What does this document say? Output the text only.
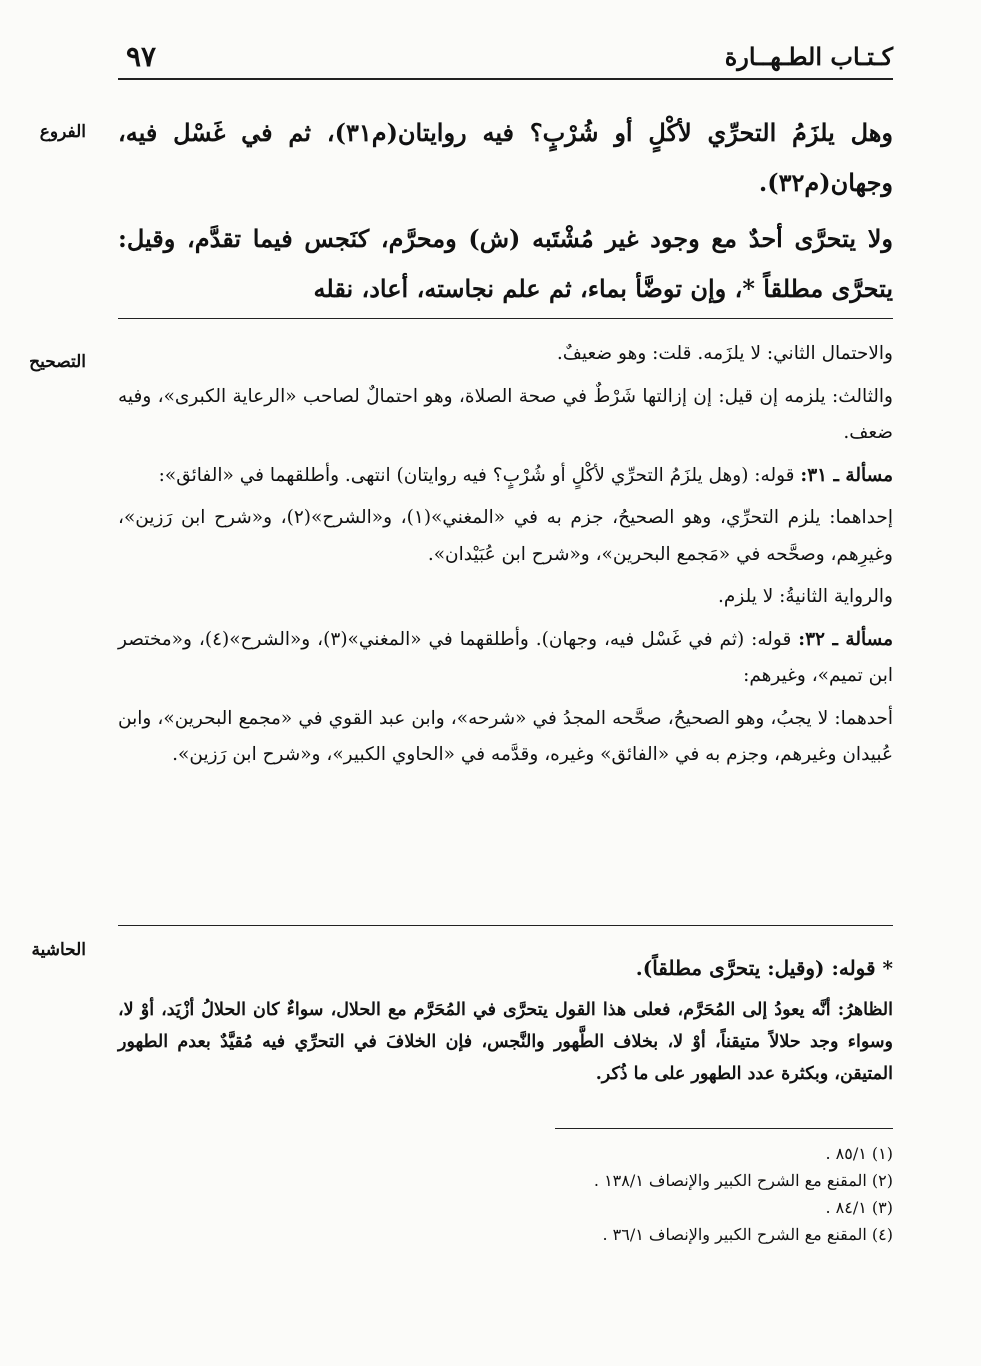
٩٧	كـتـاب الطـهــارة
الفروع
التصحيح
الحاشية

وهل يلزَمُ التحرِّي لأكْلٍ أو شُرْبٍ؟ فيه روايتان(م٣١)، ثم في غَسْل فيه، وجهان(م٣٢).

ولا يتحرَّى أحدٌ مع وجود غير مُشْتَبه (ش) ومحرَّم، كنَجس فيما تقدَّم، وقيل: يتحرَّى مطلقاً *، وإن توضَّأ بماء، ثم علم نجاسته، أعاد، نقله

والاحتمال الثاني: لا يلزَمه. قلت: وهو ضعيفٌ.

والثالث: يلزمه إن قيل: إن إزالتها شَرْطٌ في صحة الصلاة، وهو احتمالٌ لصاحب «الرعاية الكبرى»، وفيه ضعف.

مسألة ـ ٣١: قوله: (وهل يلزَمُ التحرِّي لأكْلٍ أو شُرْبٍ؟ فيه روايتان) انتهى. وأطلقهما في «الفائق»:

إحداهما: يلزم التحرِّي، وهو الصحيحُ، جزم به في «المغني»(١)، و«الشرح»(٢)، و«شرح ابن رَزين»، وغيرِهم، وصحَّحه في «مَجمع البحرين»، و«شرح ابن عُبَيْدان».

والرواية الثانيةُ: لا يلزم.

مسألة ـ ٣٢: قوله: (ثم في غَسْل فيه، وجهان). وأطلقهما في «المغني»(٣)، و«الشرح»(٤)، و«مختصر ابن تميم»، وغيرهم:

أحدهما: لا يجبُ، وهو الصحيحُ، صحَّحه المجدُ في «شرحه»، وابن عبد القوي في «مجمع البحرين»، وابن عُبيدان وغيرهم، وجزم به في «الفائق» وغيره، وقدَّمه في «الحاوي الكبير»، و«شرح ابن رَزين».

* قوله: (وقيل: يتحرَّى مطلقاً).

الظاهرُ: أنَّه يعودُ إلى المُحَرَّم، فعلى هذا القول يتحرَّى في المُحَرَّم مع الحلال، سواءٌ كان الحلالُ أزْيَد، أوْ لا، وسواء وجد حلالاً متيقناً، أوْ لا، بخلاف الطَّهور والنَّجس، فإن الخلافَ في التحرِّي فيه مُقيَّدٌ بعدم الطهور المتيقن، وبكثرة عدد الطهور على ما ذُكر.

(١) ٨٥/١ .
(٢) المقنع مع الشرح الكبير والإنصاف ١٣٨/١ .
(٣) ٨٤/١ .
(٤) المقنع مع الشرح الكبير والإنصاف ٣٦/١ .
